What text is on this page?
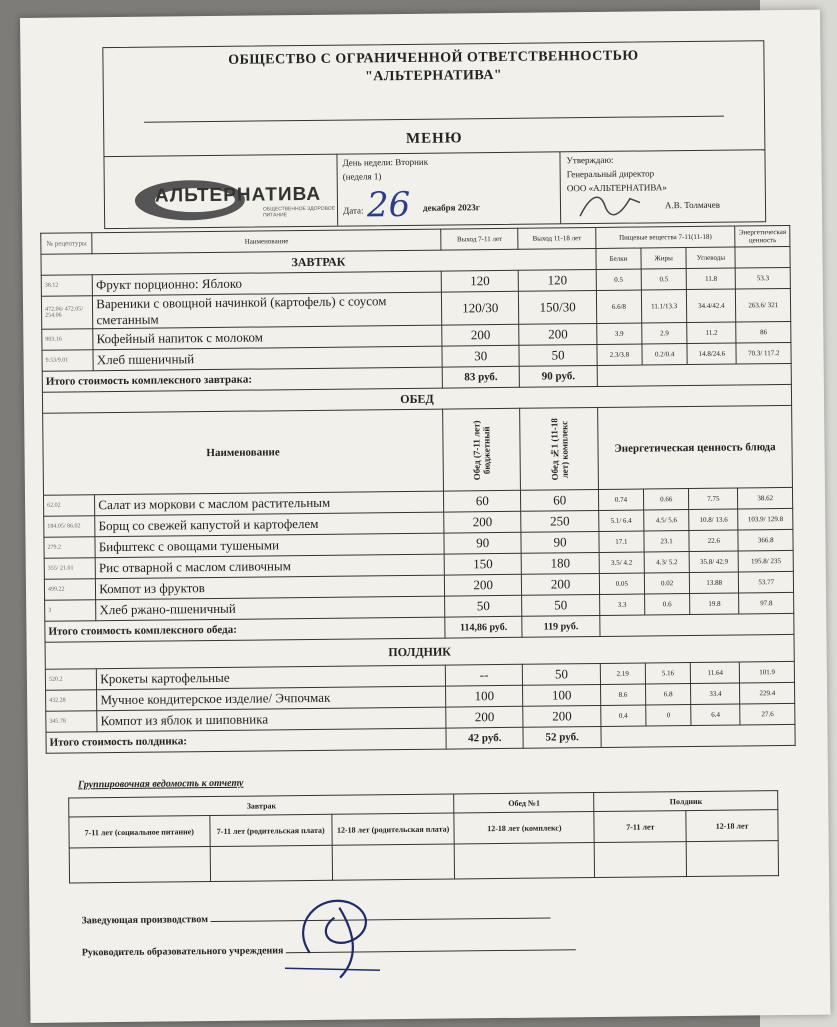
ОБЩЕСТВО С ОГРАНИЧЕННОЙ ОТВЕТСТВЕННОСТЬЮ
"АЛЬТЕРНАТИВА"
МЕНЮ
АЛЬТЕРНАТИВА
ОБЩЕСТВЕННОЕ ЗДОРОВОЕ ПИТАНИЕ
День недели: Вторник
(неделя 1)
Дата: 26 декабря 2023г
Утверждаю:
Генеральный директор
ООО «АЛЬТЕРНАТИВА»
А.В. Толмачев
№ рецептуры	Наименование	Выход 7-11 лет	Выход 11-18 лет	Пищевые вещества 7-11(11-18)			Энергетическая ценность
ЗАВТРАК				Белки	Жиры	Углеводы	
38.12	Фрукт порционно: Яблоко	120	120	0.5	0.5	11.8	53.3
472.06/ 472.05/ 254.06	Вареники с овощной начинкой (картофель) с соусом сметанным	120/30	150/30	6.6/8	11.1/13.3	34.4/42.4	263.6/ 321
903.16	Кофейный напиток с молоком	200	200	3.9	2.9	11.2	86
9.53/9.01	Хлеб пшеничный	30	50	2.3/3.8	0.2/0.4	14.8/24.6	70.3/ 117.2
Итого стоимость комплексного завтрака:		83 руб.	90 руб.				
ОБЕД							
Наименование		Обед (7-11 лет) бюджетный	Обед №1 (11-18 лет) комплекс	Энергетическая ценность блюда			
62.02	Салат из моркови с маслом растительным	60	60	0.74	0.66	7.75	38.62
184.05/ 86.02	Борщ со свежей капустой и картофелем	200	250	5.1/ 6.4	4.5/ 5.6	10.8/ 13.6	103.9/ 129.8
279.2	Бифштекс с овощами тушеными	90	90	17.1	23.1	22.6	366.8
355/ 21.01	Рис отварной с маслом сливочным	150	180	3.5/ 4.2	4.3/ 5.2	35.8/ 42.9	195.8/ 235
499.22	Компот из фруктов	200	200	0.05	0.02	13.88	53.77
3	Хлеб ржано-пшеничный	50	50	3.3	0.6	19.8	97.8
Итого стоимость комплексного обеда:		114,86 руб.	119 руб.				
ПОЛДНИК							
520.2	Крокеты картофельные	--	50	2.19	5.16	11.64	101.9
432.28	Мучное кондитерское изделие/ Эчпочмак	100	100	8.6	6.8	33.4	229.4
345.78	Компот из яблок и шиповника	200	200	0.4	0	6.4	27.6
Итого стоимость полдника:		42 руб.	52 руб.				
Группировочная ведомость к отчету
Завтрак			Обед №1	Полдник	
7-11 лет (социальное питание)	7-11 лет (родительская плата)	12-18 лет (родительская плата)	12-18 лет (комплекс)	7-11 лет	12-18 лет

Заведующая производством
Руководитель образовательного учреждения
